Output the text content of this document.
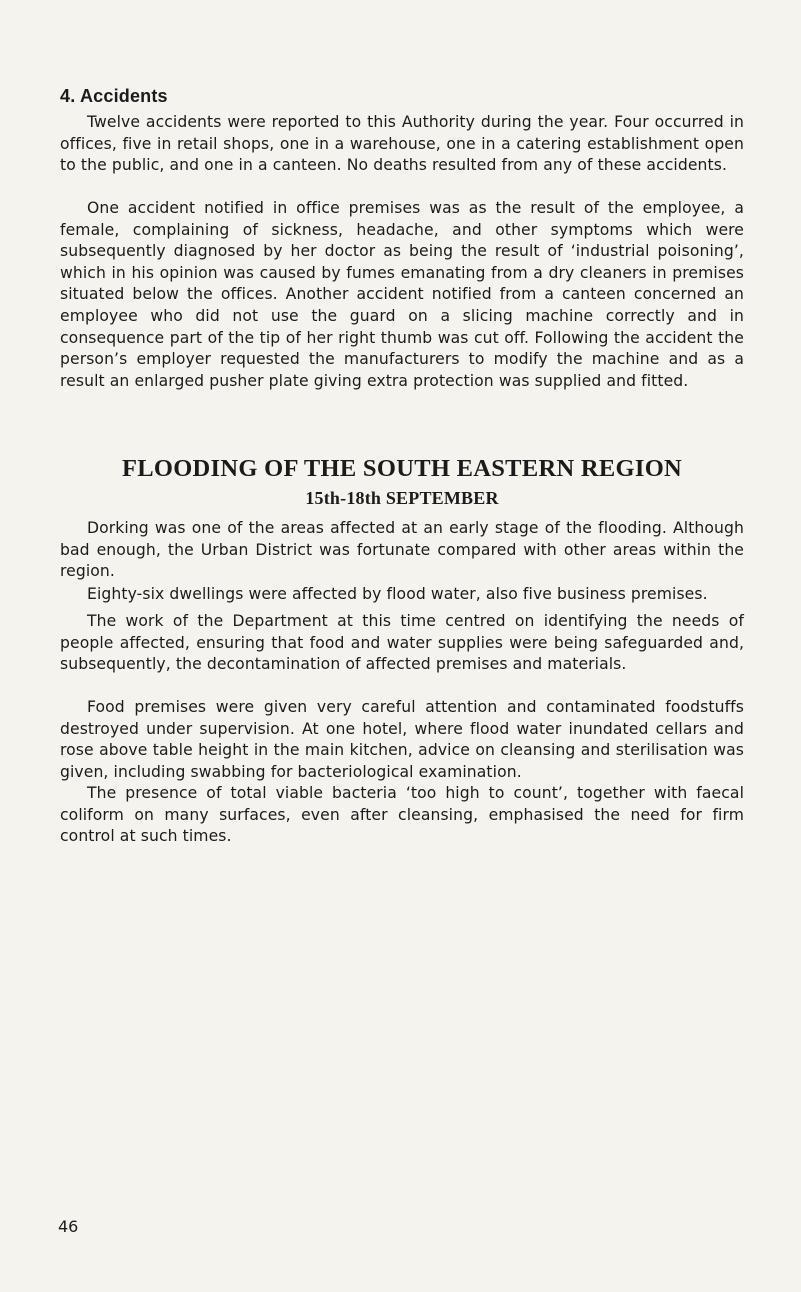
4. Accidents

Twelve accidents were reported to this Authority during the year. Four occurred in offices, five in retail shops, one in a warehouse, one in a catering establishment open to the public, and one in a canteen. No deaths resulted from any of these accidents.

One accident notified in office premises was as the result of the employee, a female, complaining of sickness, headache, and other symptoms which were subsequently diagnosed by her doctor as being the result of ‘industrial poisoning’, which in his opinion was caused by fumes emanating from a dry cleaners in premises situated below the offices. Another accident notified from a canteen concerned an employee who did not use the guard on a slicing machine correctly and in consequence part of the tip of her right thumb was cut off. Following the accident the person’s employer requested the manufacturers to modify the machine and as a result an enlarged pusher plate giving extra protection was supplied and fitted.

FLOODING OF THE SOUTH EASTERN REGION
15th-18th SEPTEMBER

Dorking was one of the areas affected at an early stage of the flooding. Although bad enough, the Urban District was fortunate compared with other areas within the region.

Eighty-six dwellings were affected by flood water, also five business premises.

The work of the Department at this time centred on identifying the needs of people affected, ensuring that food and water supplies were being safeguarded and, subsequently, the decontamination of affected premises and materials.

Food premises were given very careful attention and contaminated foodstuffs destroyed under supervision. At one hotel, where flood water inundated cellars and rose above table height in the main kitchen, advice on cleansing and sterilisation was given, including swabbing for bacteriological examination.

The presence of total viable bacteria ‘too high to count’, together with faecal coliform on many surfaces, even after cleansing, emphasised the need for firm control at such times.

46
